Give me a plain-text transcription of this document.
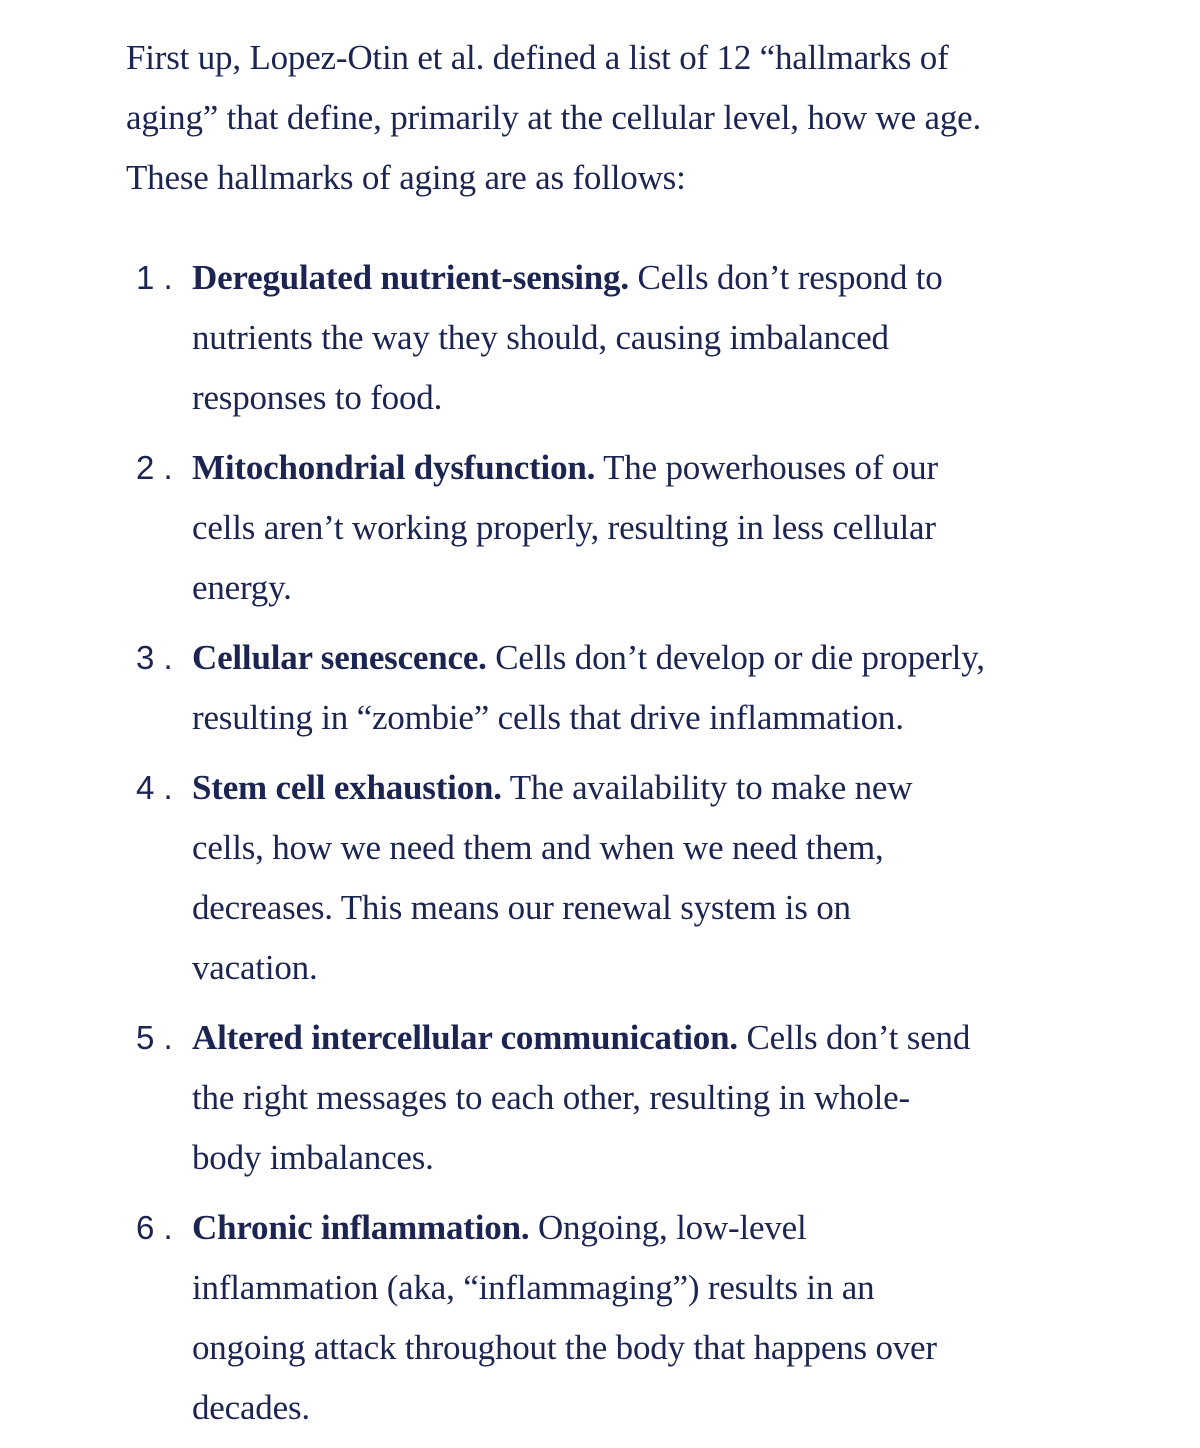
First up, Lopez-Otin et al. defined a list of 12 “hallmarks of
aging” that define, primarily at the cellular level, how we age.
These hallmarks of aging are as follows:

1 . Deregulated nutrient-sensing. Cells don’t respond to
nutrients the way they should, causing imbalanced
responses to food.
2 . Mitochondrial dysfunction. The powerhouses of our
cells aren’t working properly, resulting in less cellular
energy.
3 . Cellular senescence. Cells don’t develop or die properly,
resulting in “zombie” cells that drive inflammation.
4 . Stem cell exhaustion. The availability to make new
cells, how we need them and when we need them,
decreases. This means our renewal system is on
vacation.
5 . Altered intercellular communication. Cells don’t send
the right messages to each other, resulting in whole-
body imbalances.
6 . Chronic inflammation. Ongoing, low-level
inflammation (aka, “inflammaging”) results in an
ongoing attack throughout the body that happens over
decades.
